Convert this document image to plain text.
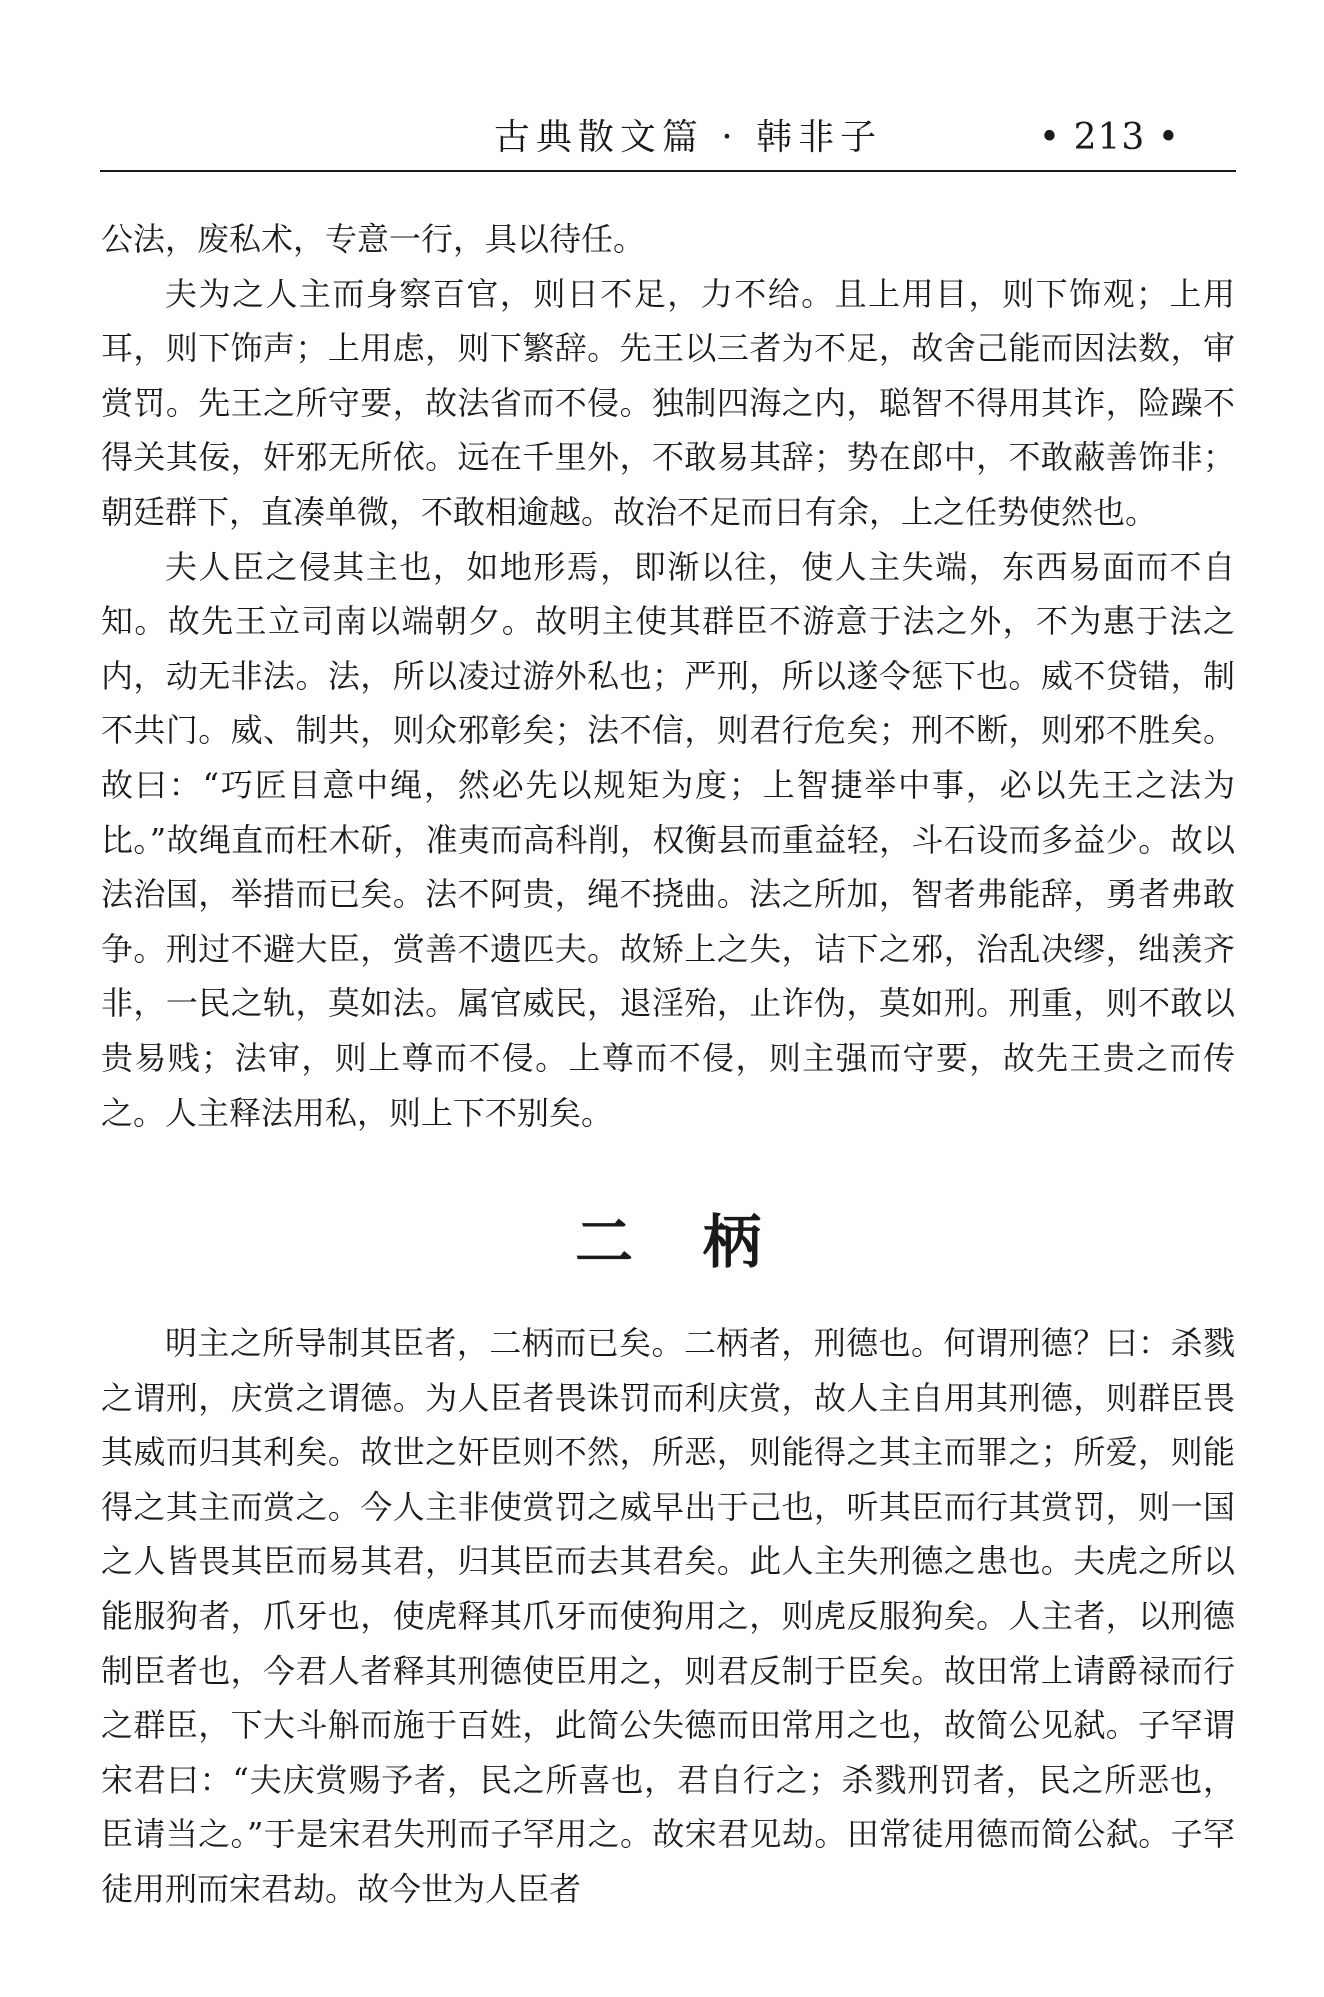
古典散文篇 · 韩非子	• 213 •

公法，废私术，专意一行，具以待任。

夫为之人主而身察百官，则日不足，力不给。且上用目，则下饰观；上用耳，则下饰声；上用虑，则下繁辞。先王以三者为不足，故舍己能而因法数，审赏罚。先王之所守要，故法省而不侵。独制四海之内，聪智不得用其诈，险躁不得关其佞，奸邪无所依。远在千里外，不敢易其辞；势在郎中，不敢蔽善饰非；朝廷群下，直凑单微，不敢相逾越。故治不足而日有余，上之任势使然也。

夫人臣之侵其主也，如地形焉，即渐以往，使人主失端，东西易面而不自知。故先王立司南以端朝夕。故明主使其群臣不游意于法之外，不为惠于法之内，动无非法。法，所以凌过游外私也；严刑，所以遂令惩下也。威不贷错，制不共门。威、制共，则众邪彰矣；法不信，则君行危矣；刑不断，则邪不胜矣。故曰：“巧匠目意中绳，然必先以规矩为度；上智捷举中事，必以先王之法为比。”故绳直而枉木斫，准夷而高科削，权衡县而重益轻，斗石设而多益少。故以法治国，举措而已矣。法不阿贵，绳不挠曲。法之所加，智者弗能辞，勇者弗敢争。刑过不避大臣，赏善不遗匹夫。故矫上之失，诘下之邪，治乱决缪，绌羡齐非，一民之轨，莫如法。属官威民，退淫殆，止诈伪，莫如刑。刑重，则不敢以贵易贱；法审，则上尊而不侵。上尊而不侵，则主强而守要，故先王贵之而传之。人主释法用私，则上下不别矣。

二柄

明主之所导制其臣者，二柄而已矣。二柄者，刑德也。何谓刑德？曰：杀戮之谓刑，庆赏之谓德。为人臣者畏诛罚而利庆赏，故人主自用其刑德，则群臣畏其威而归其利矣。故世之奸臣则不然，所恶，则能得之其主而罪之；所爱，则能得之其主而赏之。今人主非使赏罚之威早出于己也，听其臣而行其赏罚，则一国之人皆畏其臣而易其君，归其臣而去其君矣。此人主失刑德之患也。夫虎之所以能服狗者，爪牙也，使虎释其爪牙而使狗用之，则虎反服狗矣。人主者，以刑德制臣者也，今君人者释其刑德使臣用之，则君反制于臣矣。故田常上请爵禄而行之群臣，下大斗斛而施于百姓，此简公失德而田常用之也，故简公见弑。子罕谓宋君曰：“夫庆赏赐予者，民之所喜也，君自行之；杀戮刑罚者，民之所恶也，臣请当之。”于是宋君失刑而子罕用之。故宋君见劫。田常徒用德而简公弑。子罕徒用刑而宋君劫。故今世为人臣者
